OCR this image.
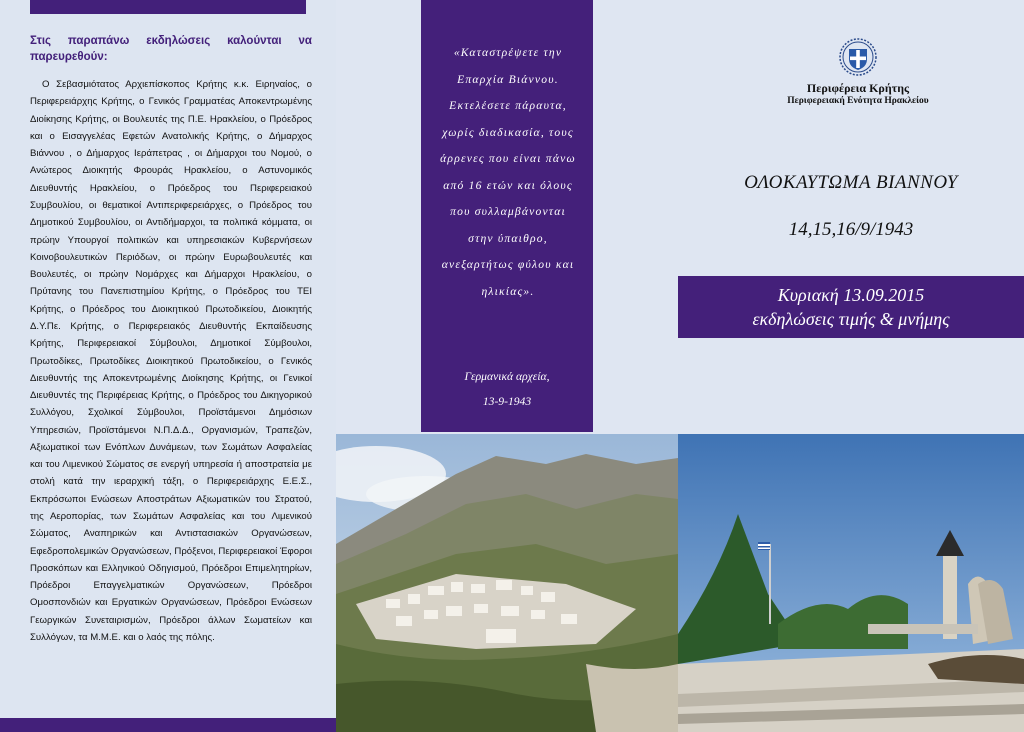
Στις παραπάνω εκδηλώσεις καλούνται να παρευρεθούν:

Ο Σεβασμιότατος Αρχιεπίσκοπος Κρήτης κ.κ. Ειρηναίος, ο Περιφερειάρχης Κρήτης, ο Γενικός Γραμματέας Αποκεντρωμένης Διοίκησης Κρήτης, οι Βουλευτές της Π.Ε. Ηρακλείου, ο Πρόεδρος και ο Εισαγγελέας Εφετών Ανατολικής Κρήτης, ο Δήμαρχος Βιάννου , ο Δήμαρχος Ιεράπετρας , οι Δήμαρχοι του Νομού, ο Ανώτερος Διοικητής Φρουράς Ηρακλείου, ο Αστυνομικός Διευθυντής Ηρακλείου, ο Πρόεδρος του Περιφερειακού Συμβουλίου, οι θεματικοί Αντιπεριφερειάρχες, ο Πρόεδρος του Δημοτικού Συμβουλίου, οι Αντιδήμαρχοι, τα πολιτικά κόμματα, οι πρώην Υπουργοί πολιτικών και υπηρεσιακών Κυβερνήσεων Κοινοβουλευτικών Περιόδων, οι πρώην Ευρωβουλευτές και Βουλευτές, οι πρώην Νομάρχες και Δήμαρχοι Ηρακλείου, ο Πρύτανης του Πανεπιστημίου Κρήτης, ο Πρόεδρος του ΤΕΙ Κρήτης, ο Πρόεδρος του Διοικητικού Πρωτοδικείου, Διοικητής Δ.Υ.Πε. Κρήτης, ο Περιφερειακός Διευθυντής Εκπαίδευσης Κρήτης, Περιφερειακοί Σύμβουλοι, Δημοτικοί Σύμβουλοι, Πρωτοδίκες, Πρωτοδίκες Διοικητικού Πρωτοδικείου, ο Γενικός Διευθυντής της Αποκεντρωμένης Διοίκησης Κρήτης, οι Γενικοί Διευθυντές της Περιφέρειας Κρήτης, ο Πρόεδρος του Δικηγορικού Συλλόγου, Σχολικοί Σύμβουλοι, Προϊστάμενοι Δημόσιων Υπηρεσιών, Προϊστάμενοι Ν.Π.Δ.Δ., Οργανισμών, Τραπεζών, Αξιωματικοί των Ενόπλων Δυνάμεων, των Σωμάτων Ασφαλείας και του Λιμενικού Σώματος σε ενεργή υπηρεσία ή αποστρατεία με στολή κατά την ιεραρχική τάξη, ο Περιφερειάρχης Ε.Ε.Σ., Εκπρόσωποι Ενώσεων Αποστράτων Αξιωματικών του Στρατού, της Αεροπορίας, των Σωμάτων Ασφαλείας και του Λιμενικού Σώματος, Αναπηρικών και Αντιστασιακών Οργανώσεων, Εφεδροπολεμικών Οργανώσεων, Πρόξενοι, Περιφερειακοί Έφοροι Προσκόπων και Ελληνικού Οδηγισμού, Πρόεδροι Επιμελητηρίων, Πρόεδροι Επαγγελματικών Οργανώσεων, Πρόεδροι Ομοσπονδιών και Εργατικών Οργανώσεων, Πρόεδροι Ενώσεων Γεωργικών Συνεταιρισμών, Πρόεδροι άλλων Σωματείων και Συλλόγων, τα Μ.Μ.Ε. και ο λαός της πόλης.

«Καταστρέψετε την Επαρχία Βιάννου. Εκτελέσετε πάραυτα, χωρίς διαδικασία, τους άρρενες που είναι πάνω από 16 ετών και όλους που συλλαμβάνονται στην ύπαιθρο, ανεξαρτήτως φύλου και ηλικίας».

Γερμανικά αρχεία,
13-9-1943
Περιφέρεια Κρήτης
Περιφερειακή Ενότητα Ηρακλείου
ΟΛΟΚΑΥΤΩΜΑ ΒΙΑΝΝΟΥ
14,15,16/9/1943
Κυριακή 13.09.2015
εκδηλώσεις τιμής & μνήμης
